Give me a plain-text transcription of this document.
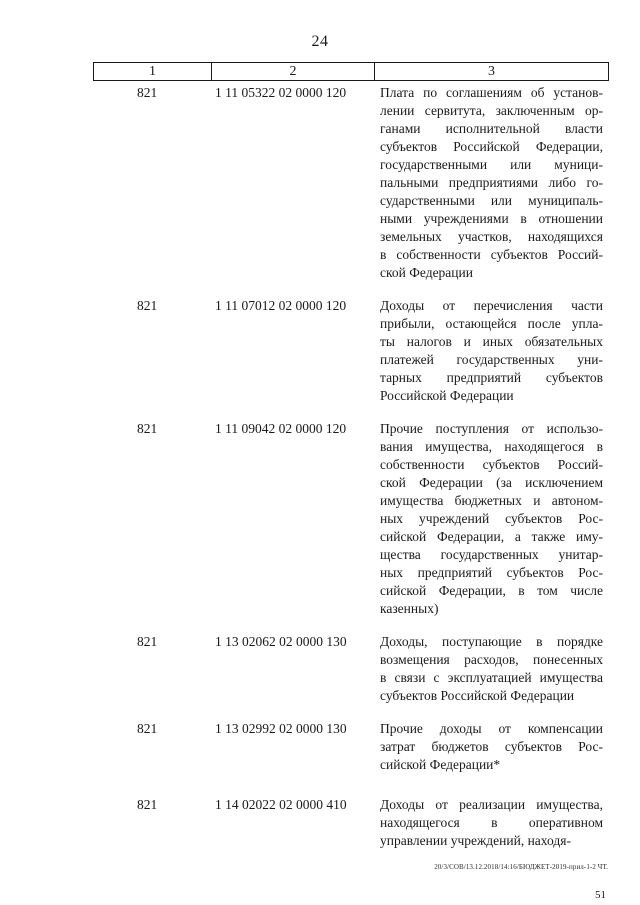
24
1	2	3
821	1 11 05322 02 0000 120	Плата по соглашениям об установ-
лении сервитута, заключенным ор-
ганами исполнительной власти
субъектов Российской Федерации,
государственными или муници-
пальными предприятиями либо го-
сударственными или муниципаль-
ными учреждениями в отношении
земельных участков, находящихся
в собственности субъектов Россий-
ской Федерации
821	1 11 07012 02 0000 120	Доходы от перечисления части
прибыли, остающейся после упла-
ты налогов и иных обязательных
платежей государственных уни-
тарных предприятий субъектов
Российской Федерации
821	1 11 09042 02 0000 120	Прочие поступления от использо-
вания имущества, находящегося в
собственности субъектов Россий-
ской Федерации (за исключением
имущества бюджетных и автоном-
ных учреждений субъектов Рос-
сийской Федерации, а также иму-
щества государственных унитар-
ных предприятий субъектов Рос-
сийской Федерации, в том числе
казенных)
821	1 13 02062 02 0000 130	Доходы, поступающие в порядке
возмещения расходов, понесенных
в связи с эксплуатацией имущества
субъектов Российской Федерации
821	1 13 02992 02 0000 130	Прочие доходы от компенсации
затрат бюджетов субъектов Рос-
сийской Федерации*
821	1 14 02022 02 0000 410	Доходы от реализации имущества,
находящегося в оперативном
управлении учреждений, находя-
20/3/СОВ/13.12.2018/14:16/БЮДЖЕТ-2019-прил-1-2 ЧТ.
51
